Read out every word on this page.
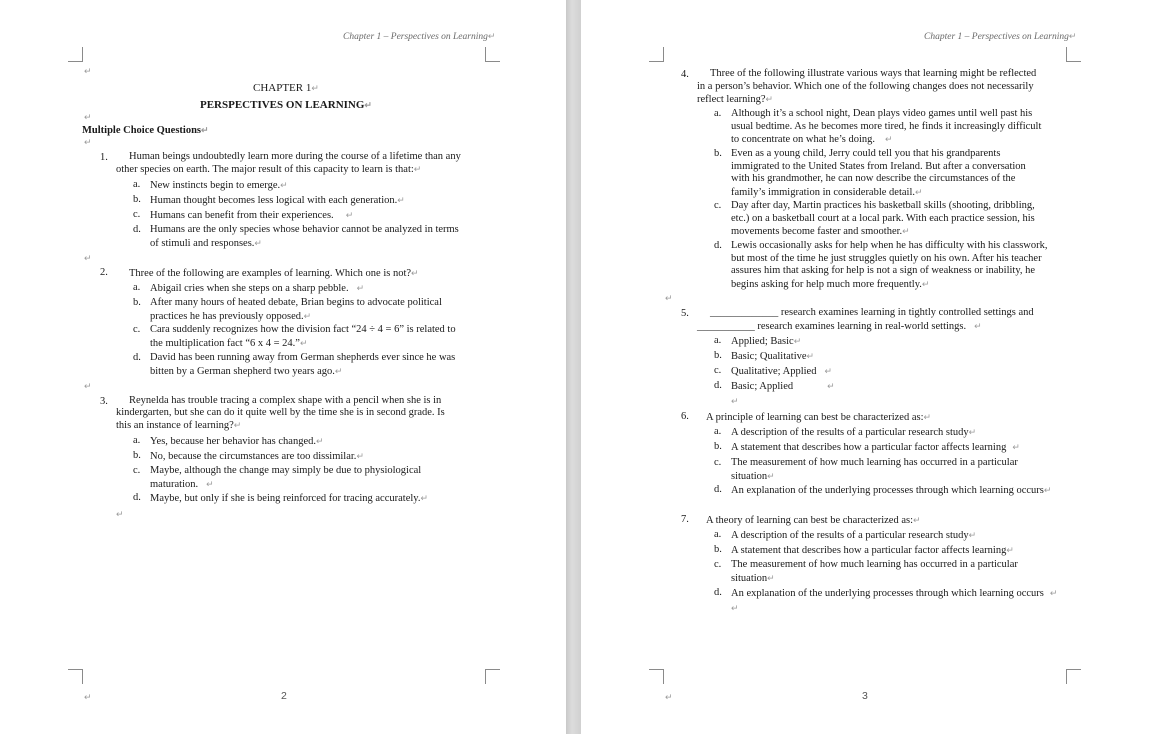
Chapter 1 – Perspectives on Learning↵
↵
CHAPTER 1↵
PERSPECTIVES ON LEARNING↵
↵
Multiple Choice Questions↵
↵
1. Human beings undoubtedly learn more during the course of a lifetime than any
other species on earth. The major result of this capacity to learn is that:↵
a. New instincts begin to emerge.↵
b. Human thought becomes less logical with each generation.↵
c. Humans can benefit from their experiences. ↵
d. Humans are the only species whose behavior cannot be analyzed in terms
of stimuli and responses.↵
↵
2. Three of the following are examples of learning. Which one is not?↵
a. Abigail cries when she steps on a sharp pebble. ↵
b. After many hours of heated debate, Brian begins to advocate political
practices he has previously opposed.↵
c. Cara suddenly recognizes how the division fact “24 ÷ 4 = 6” is related to
the multiplication fact “6 x 4 = 24.”↵
d. David has been running away from German shepherds ever since he was
bitten by a German shepherd two years ago.↵
↵
3. Reynelda has trouble tracing a complex shape with a pencil when she is in
kindergarten, but she can do it quite well by the time she is in second grade. Is
this an instance of learning?↵
a. Yes, because her behavior has changed.↵
b. No, because the circumstances are too dissimilar.↵
c. Maybe, although the change may simply be due to physiological
maturation. ↵
d. Maybe, but only if she is being reinforced for tracing accurately.↵
↵
↵	2
Chapter 1 – Perspectives on Learning↵
4. Three of the following illustrate various ways that learning might be reflected
in a person’s behavior. Which one of the following changes does not necessarily
reflect learning?↵
a. Although it’s a school night, Dean plays video games until well past his
usual bedtime. As he becomes more tired, he finds it increasingly difficult
to concentrate on what he’s doing. ↵
b. Even as a young child, Jerry could tell you that his grandparents
immigrated to the United States from Ireland. But after a conversation
with his grandmother, he can now describe the circumstances of the
family’s immigration in considerable detail.↵
c. Day after day, Martin practices his basketball skills (shooting, dribbling,
etc.) on a basketball court at a local park. With each practice session, his
movements become faster and smoother.↵
d. Lewis occasionally asks for help when he has difficulty with his classwork,
but most of the time he just struggles quietly on his own. After his teacher
assures him that asking for help is not a sign of weakness or inability, he
begins asking for help much more frequently.↵
↵
5. _____________ research examines learning in tightly controlled settings and
___________ research examines learning in real-world settings. ↵
a. Applied; Basic↵
b. Basic; Qualitative↵
c. Qualitative; Applied ↵
d. Basic; Applied	↵
↵
6. A principle of learning can best be characterized as:↵
a. A description of the results of a particular research study↵
b. A statement that describes how a particular factor affects learning ↵
c. The measurement of how much learning has occurred in a particular
situation↵
d. An explanation of the underlying processes through which learning occurs↵
7. A theory of learning can best be characterized as:↵
a. A description of the results of a particular research study↵
b. A statement that describes how a particular factor affects learning↵
c. The measurement of how much learning has occurred in a particular
situation↵
d. An explanation of the underlying processes through which learning occurs ↵
↵
↵	3
